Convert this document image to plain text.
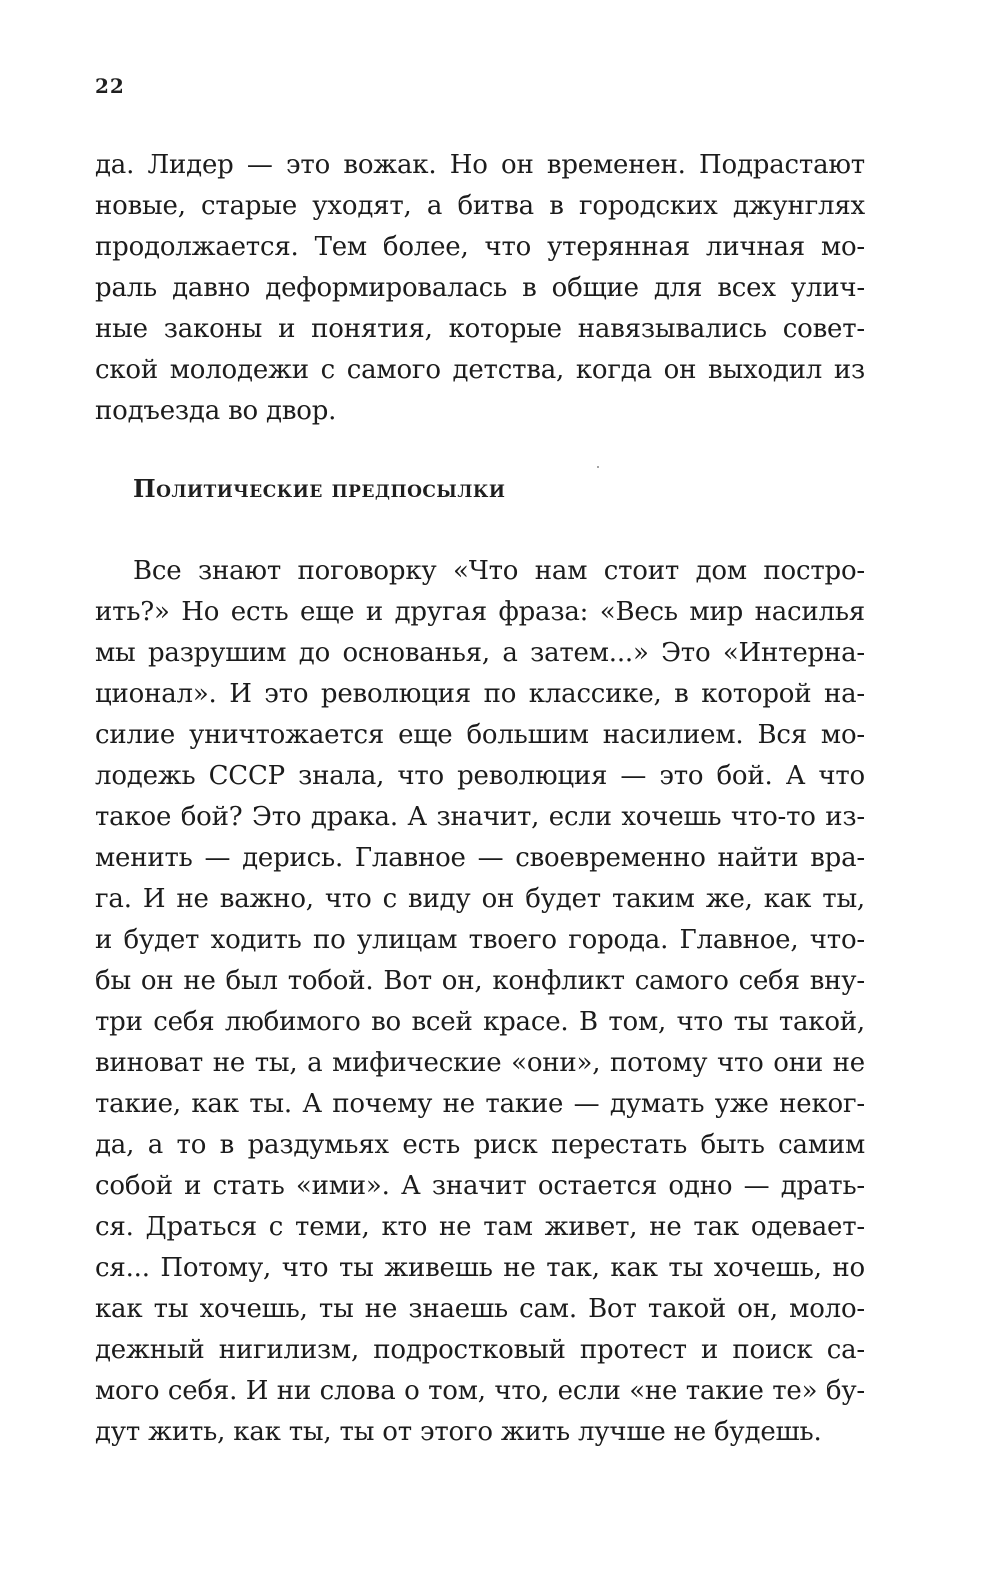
22
да. Лидер — это вожак. Но он временен. Подрастают
новые, старые уходят, а битва в городских джунглях
продолжается. Тем более, что утерянная личная мо-
раль давно деформировалась в общие для всех улич-
ные законы и понятия, которые навязывались совет-
ской молодежи с самого детства, когда он выходил из
подъезда во двор.
Политические предпосылки
Все знают поговорку «Что нам стоит дом постро-
ить?» Но есть еще и другая фраза: «Весь мир насилья
мы разрушим до основанья, а затем...» Это «Интерна-
ционал». И это революция по классике, в которой на-
силие уничтожается еще большим насилием. Вся мо-
лодежь СССР знала, что революция — это бой. А что
такое бой? Это драка. А значит, если хочешь что-то из-
менить — дерись. Главное — своевременно найти вра-
га. И не важно, что с виду он будет таким же, как ты,
и будет ходить по улицам твоего города. Главное, что-
бы он не был тобой. Вот он, конфликт самого себя вну-
три себя любимого во всей красе. В том, что ты такой,
виноват не ты, а мифические «они», потому что они не
такие, как ты. А почему не такие — думать уже неког-
да, а то в раздумьях есть риск перестать быть самим
собой и стать «ими». А значит остается одно — драть-
ся. Драться с теми, кто не там живет, не так одевает-
ся... Потому, что ты живешь не так, как ты хочешь, но
как ты хочешь, ты не знаешь сам. Вот такой он, моло-
дежный нигилизм, подростковый протест и поиск са-
мого себя. И ни слова о том, что, если «не такие те» бу-
дут жить, как ты, ты от этого жить лучше не будешь.
